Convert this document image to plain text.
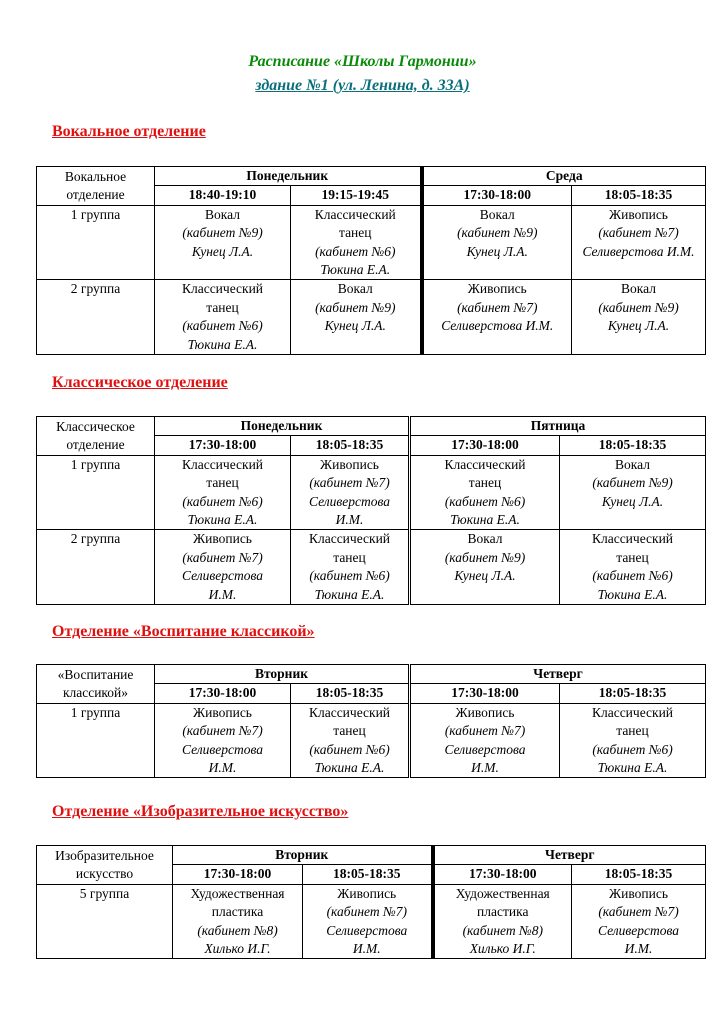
Расписание «Школы Гармонии»
здание №1 (ул. Ленина, д. 33А)
Вокальное отделение
Вокальное
отделение	Понедельник		Среда	
	18:40-19:10	19:15-19:45	17:30-18:00	18:05-18:35
1 группа	Вокал
(кабинет №9)
Кунец Л.А.	Классический
танец
(кабинет №6)
Тюкина Е.А.	Вокал
(кабинет №9)
Кунец Л.А.	Живопись
(кабинет №7)
Селиверстова И.М.

2 группа	Классический
танец
(кабинет №6)
Тюкина Е.А.	Вокал
(кабинет №9)
Кунец Л.А.	Живопись
(кабинет №7)
Селиверстова И.М.	Вокал
(кабинет №9)
Кунец Л.А.
Классическое отделение
Классическое
отделение	Понедельник		Пятница	
	17:30-18:00	18:05-18:35	17:30-18:00	18:05-18:35
1 группа	Классический
танец
(кабинет №6)
Тюкина Е.А.	Живопись
(кабинет №7)
Селиверстова
И.М.	Классический
танец
(кабинет №6)
Тюкина Е.А.	Вокал
(кабинет №9)
Кунец Л.А.

2 группа	Живопись
(кабинет №7)
Селиверстова
И.М.	Классический
танец
(кабинет №6)
Тюкина Е.А.	Вокал
(кабинет №9)
Кунец Л.А.	Классический
танец
(кабинет №6)
Тюкина Е.А.
Отделение «Воспитание классикой»
«Воспитание
классикой»	Вторник		Четверг	
	17:30-18:00	18:05-18:35	17:30-18:00	18:05-18:35
1 группа	Живопись
(кабинет №7)
Селиверстова
И.М.	Классический
танец
(кабинет №6)
Тюкина Е.А.	Живопись
(кабинет №7)
Селиверстова
И.М.	Классический
танец
(кабинет №6)
Тюкина Е.А.
Отделение «Изобразительное искусство»
Изобразительное
искусство	Вторник		Четверг	
	17:30-18:00	18:05-18:35	17:30-18:00	18:05-18:35
5 группа	Художественная
пластика
(кабинет №8)
Хилько И.Г.	Живопись
(кабинет №7)
Селиверстова
И.М.	Художественная
пластика
(кабинет №8)
Хилько И.Г.	Живопись
(кабинет №7)
Селиверстова
И.М.
